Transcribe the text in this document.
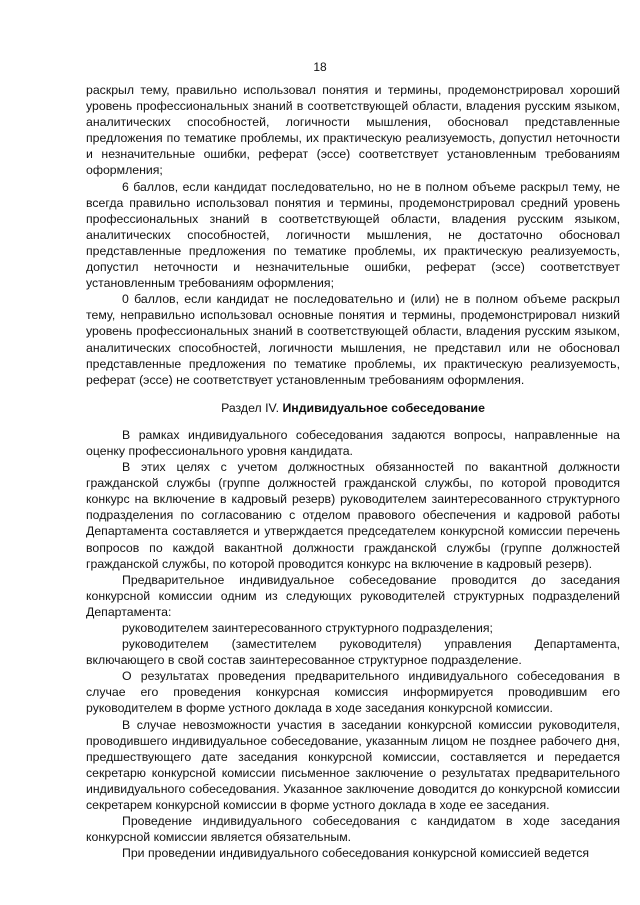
18

раскрыл тему, правильно использовал понятия и термины, продемонстрировал хороший уровень профессиональных знаний в соответствующей области, владения русским языком, аналитических способностей, логичности мышления, обосновал представленные предложения по тематике проблемы, их практическую реализуемость, допустил неточности и незначительные ошибки, реферат (эссе) соответствует установленным требованиям оформления;

6 баллов, если кандидат последовательно, но не в полном объеме раскрыл тему, не всегда правильно использовал понятия и термины, продемонстрировал средний уровень профессиональных знаний в соответствующей области, владения русским языком, аналитических способностей, логичности мышления, не достаточно обосновал представленные предложения по тематике проблемы, их практическую реализуемость, допустил неточности и незначительные ошибки, реферат (эссе) соответствует установленным требованиям оформления;

0 баллов, если кандидат не последовательно и (или) не в полном объеме раскрыл тему, неправильно использовал основные понятия и термины, продемонстрировал низкий уровень профессиональных знаний в соответствующей области, владения русским языком, аналитических способностей, логичности мышления, не представил или не обосновал представленные предложения по тематике проблемы, их практическую реализуемость, реферат (эссе) не соответствует установленным требованиям оформления.

Раздел IV. Индивидуальное собеседование

В рамках индивидуального собеседования задаются вопросы, направленные на оценку профессионального уровня кандидата.

В этих целях с учетом должностных обязанностей по вакантной должности гражданской службы (группе должностей гражданской службы, по которой проводится конкурс на включение в кадровый резерв) руководителем заинтересованного структурного подразделения по согласованию с отделом правового обеспечения и кадровой работы Департамента составляется и утверждается председателем конкурсной комиссии перечень вопросов по каждой вакантной должности гражданской службы (группе должностей гражданской службы, по которой проводится конкурс на включение в кадровый резерв).

Предварительное индивидуальное собеседование проводится до заседания конкурсной комиссии одним из следующих руководителей структурных подразделений Департамента:

руководителем заинтересованного структурного подразделения;

руководителем (заместителем руководителя) управления Департамента, включающего в свой состав заинтересованное структурное подразделение.

О результатах проведения предварительного индивидуального собеседования в случае его проведения конкурсная комиссия информируется проводившим его руководителем в форме устного доклада в ходе заседания конкурсной комиссии.

В случае невозможности участия в заседании конкурсной комиссии руководителя, проводившего индивидуальное собеседование, указанным лицом не позднее рабочего дня, предшествующего дате заседания конкурсной комиссии, составляется и передается секретарю конкурсной комиссии письменное заключение о результатах предварительного индивидуального собеседования. Указанное заключение доводится до конкурсной комиссии секретарем конкурсной комиссии в форме устного доклада в ходе ее заседания.

Проведение индивидуального собеседования с кандидатом в ходе заседания конкурсной комиссии является обязательным.

При проведении индивидуального собеседования конкурсной комиссией ведется
